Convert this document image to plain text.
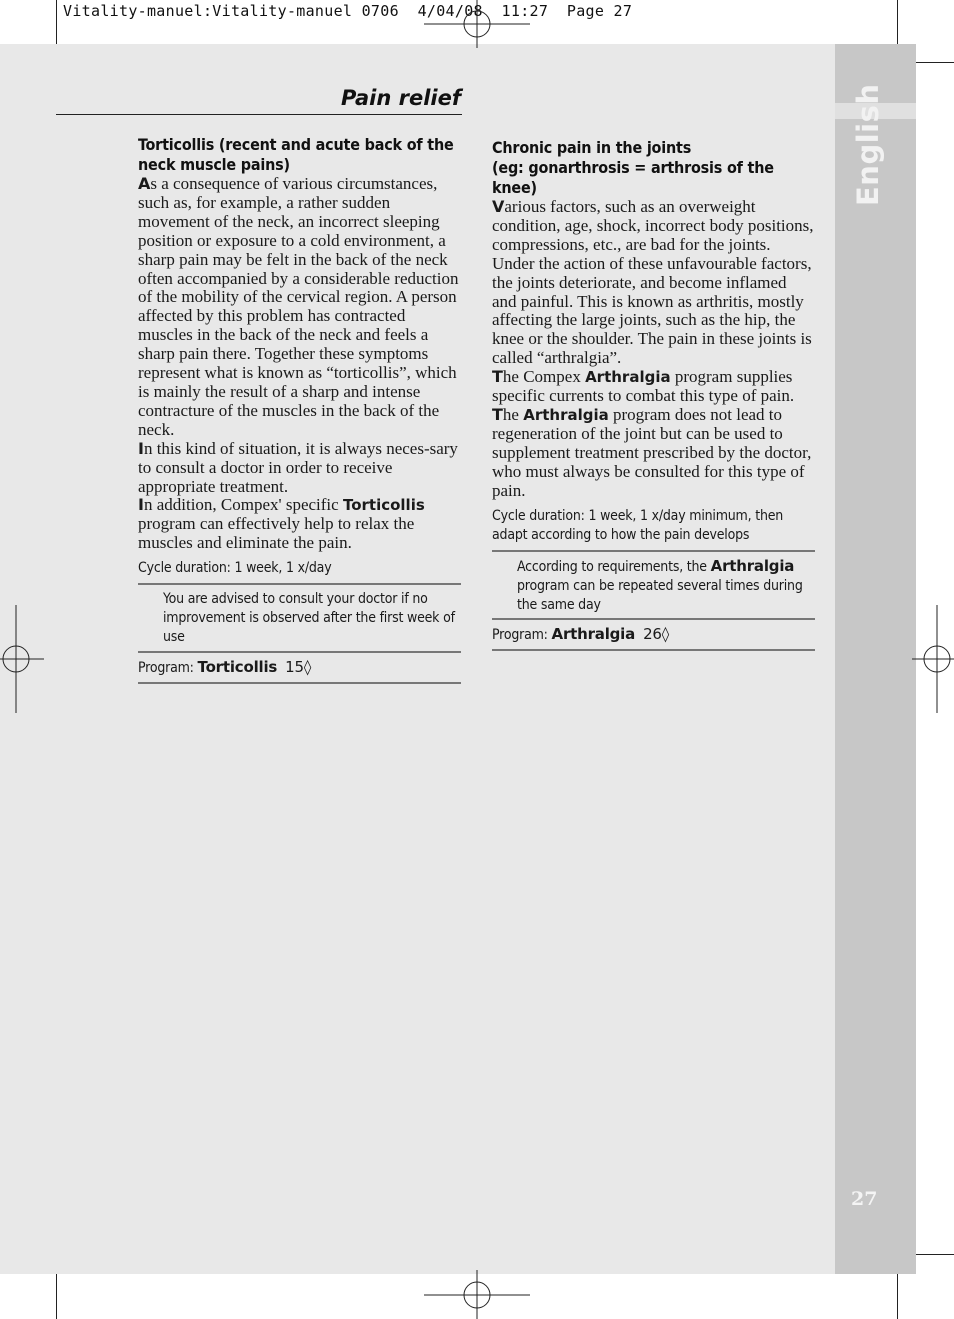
Vitality-manuel:Vitality-manuel 0706  4/04/08  11:27  Page 27
English
27
Pain relief
Torticollis (recent and acute back of the neck muscle pains)

As a consequence of various circumstances, such as, for example, a rather sudden movement of the neck, an incorrect sleeping position or exposure to a cold environment, a sharp pain may be felt in the back of the neck often accompanied by a considerable reduction of the mobility of the cervical region. A person affected by this problem has contracted muscles in the back of the neck and feels a sharp pain there. Together these symptoms represent what is known as “torticollis”, which is mainly the result of a sharp and intense contracture of the muscles in the back of the neck.

In this kind of situation, it is always neces-sary to consult a doctor in order to receive appropriate treatment.

In addition, Compex' specific Torticollis program can effectively help to relax the muscles and eliminate the pain.

Cycle duration: 1 week, 1 x/day

You are advised to consult your doctor if no improvement is observed after the first week of use

Program: Torticollis 15◊

Chronic pain in the joints
(eg: gonarthrosis = arthrosis of the knee)

Various factors, such as an overweight condition, age, shock, incorrect body positions, compressions, etc., are bad for the joints. Under the action of these unfavourable factors, the joints deteriorate, and become inflamed and painful. This is known as arthritis, mostly affecting the large joints, such as the hip, the knee or the shoulder. The pain in these joints is called “arthralgia”.

The Compex Arthralgia program supplies specific currents to combat this type of pain.

The Arthralgia program does not lead to regeneration of the joint but can be used to supplement treatment prescribed by the doctor, who must always be consulted for this type of pain.

Cycle duration: 1 week, 1 x/day minimum, then adapt according to how the pain develops

According to requirements, the Arthralgia program can be repeated several times during the same day

Program: Arthralgia 26◊
